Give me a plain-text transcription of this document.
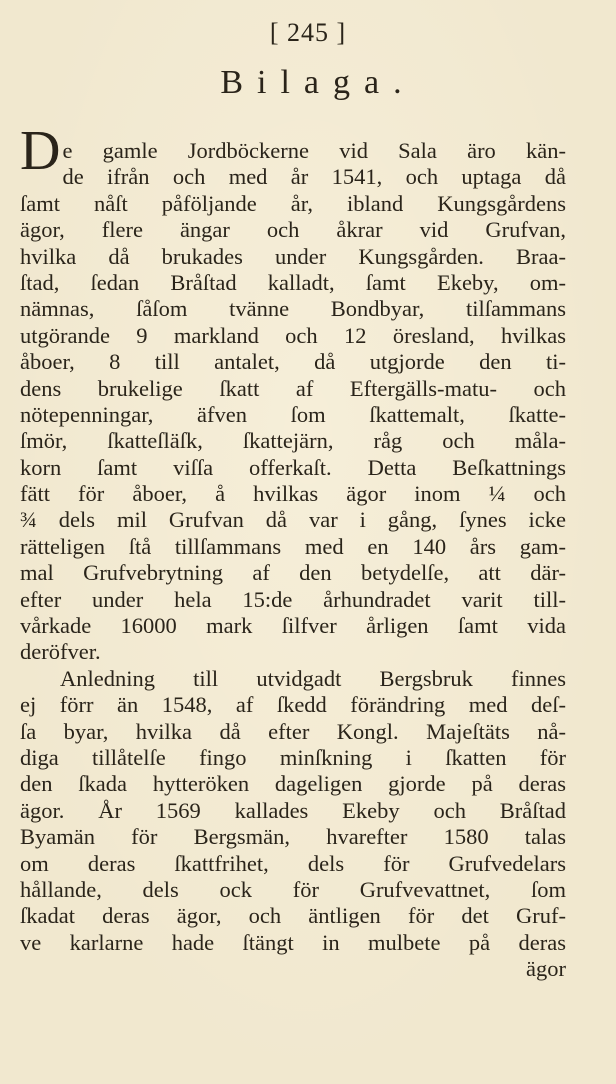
[ 245 ]
Bilaga.
De gamle Jordböckerne vid Sala äro kän-
de ifrån och med år 1541, och uptaga då
ſamt nåſt påföljande år, ibland Kungsgårdens
ägor, flere ängar och åkrar vid Grufvan,
hvilka då brukades under Kungsgården. Braa-
ſtad, ſedan Bråſtad kalladt, ſamt Ekeby, om-
nämnas, ſåſom tvänne Bondbyar, tilſammans
utgörande 9 markland och 12 öresland, hvilkas
åboer, 8 till antalet, då utgjorde den ti-
dens brukelige ſkatt af Eftergälls-matu- och
nötepenningar, äfven ſom ſkattemalt, ſkatte-
ſmör, ſkatteſläſk, ſkattejärn, råg och måla-
korn ſamt viſſa offerkaſt. Detta Beſkattnings
fätt för åboer, å hvilkas ägor inom ¼ och
¾ dels mil Grufvan då var i gång, ſynes icke
rätteligen ſtå tillſammans med en 140 års gam-
mal Grufvebrytning af den betydelſe, att där-
efter under hela 15:de århundradet varit till-
vårkade 16000 mark ſilfver årligen ſamt vida
deröfver.
Anledning till utvidgadt Bergsbruk finnes
ej förr än 1548, af ſkedd förändring med deſ-
ſa byar, hvilka då efter Kongl. Majeſtäts nå-
diga tillåtelſe fingo minſkning i ſkatten för
den ſkada hytteröken dageligen gjorde på deras
ägor. År 1569 kallades Ekeby och Bråſtad
Byamän för Bergsmän, hvarefter 1580 talas
om deras ſkattfrihet, dels för Grufvedelars
hållande, dels ock för Grufvevattnet, ſom
ſkadat deras ägor, och äntligen för det Gruf-
ve karlarne hade ſtängt in mulbete på deras
ägor
